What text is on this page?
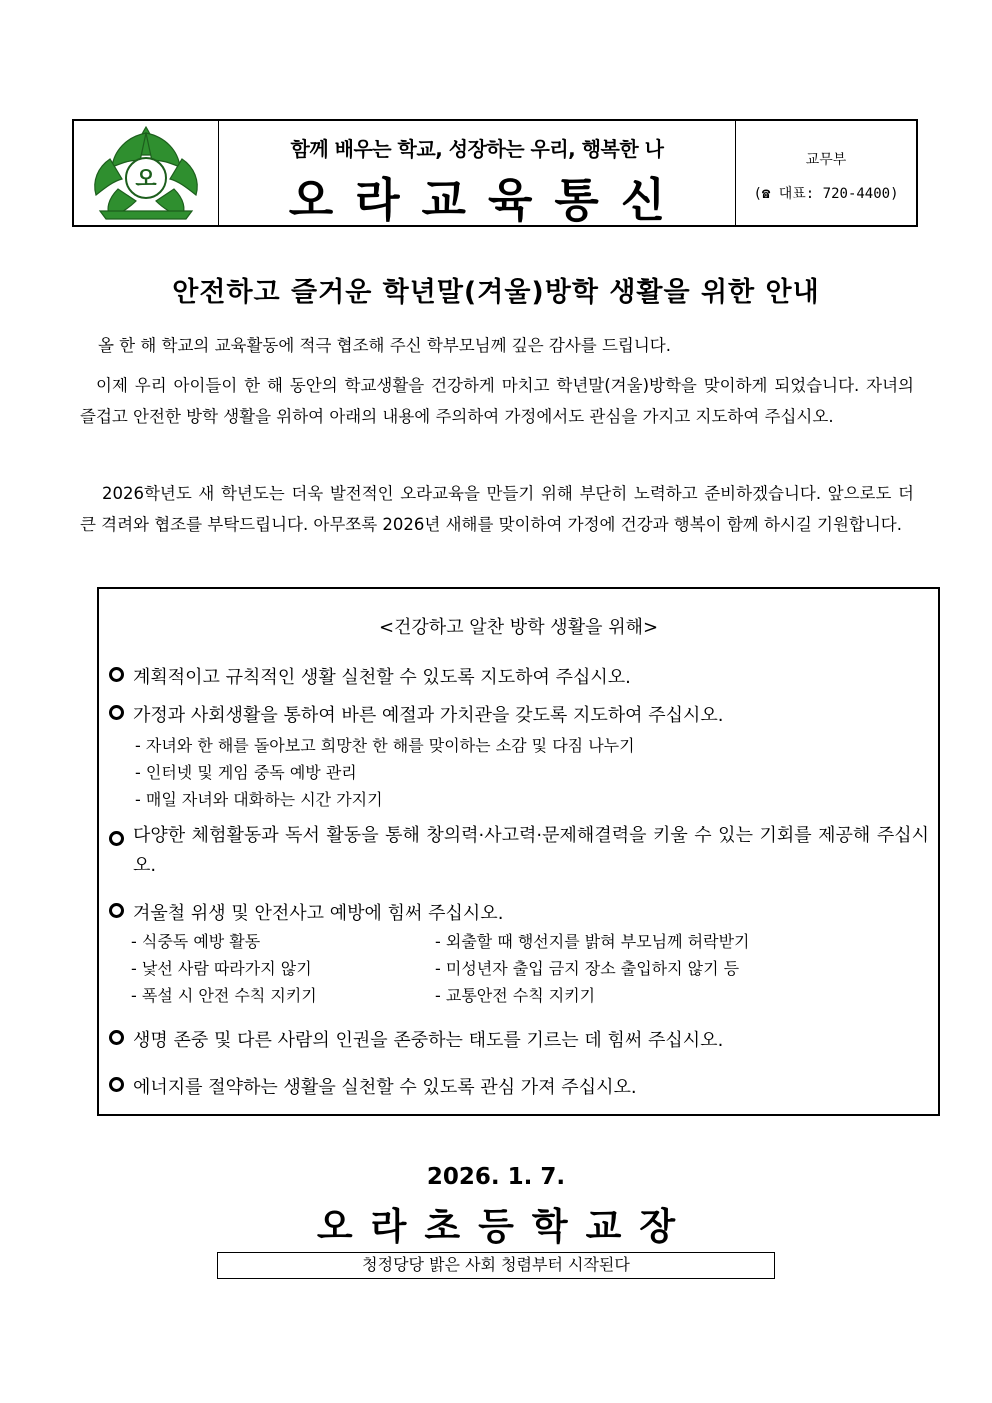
오
함께 배우는 학교, 성장하는 우리, 행복한 나
오라교육통신
교무부
(☎ 대표: 720-4400)
안전하고 즐거운 학년말(겨울)방학 생활을 위한 안내
올 한 해 학교의 교육활동에 적극 협조해 주신 학부모님께 깊은 감사를 드립니다.
이제 우리 아이들이 한 해 동안의 학교생활을 건강하게 마치고 학년말(겨울)방학을 맞이하게 되었습니다. 자녀의 즐겁고 안전한 방학 생활을 위하여 아래의 내용에 주의하여 가정에서도 관심을 가지고 지도하여 주십시오.
2026학년도 새 학년도는 더욱 발전적인 오라교육을 만들기 위해 부단히 노력하고 준비하겠습니다. 앞으로도 더 큰 격려와 협조를 부탁드립니다. 아무쪼록 2026년 새해를 맞이하여 가정에 건강과 행복이 함께 하시길 기원합니다.
<건강하고 알찬 방학 생활을 위해>
계획적이고 규칙적인 생활 실천할 수 있도록 지도하여 주십시오.
가정과 사회생활을 통하여 바른 예절과 가치관을 갖도록 지도하여 주십시오.
- 자녀와 한 해를 돌아보고 희망찬 한 해를 맞이하는 소감 및 다짐 나누기
- 인터넷 및 게임 중독 예방 관리
- 매일 자녀와 대화하는 시간 가지기
다양한 체험활동과 독서 활동을 통해 창의력·사고력·문제해결력을 키울 수 있는 기회를 제공해 주십시오.
겨울철 위생 및 안전사고 예방에 힘써 주십시오.
- 식중독 예방 활동	- 외출할 때 행선지를 밝혀 부모님께 허락받기
- 낯선 사람 따라가지 않기	- 미성년자 출입 금지 장소 출입하지 않기 등
- 폭설 시 안전 수칙 지키기	- 교통안전 수칙 지키기
생명 존중 및 다른 사람의 인권을 존중하는 태도를 기르는 데 힘써 주십시오.
에너지를 절약하는 생활을 실천할 수 있도록 관심 가져 주십시오.
2026. 1. 7.
오라초등학교장
청정당당 밝은 사회 청렴부터 시작된다
